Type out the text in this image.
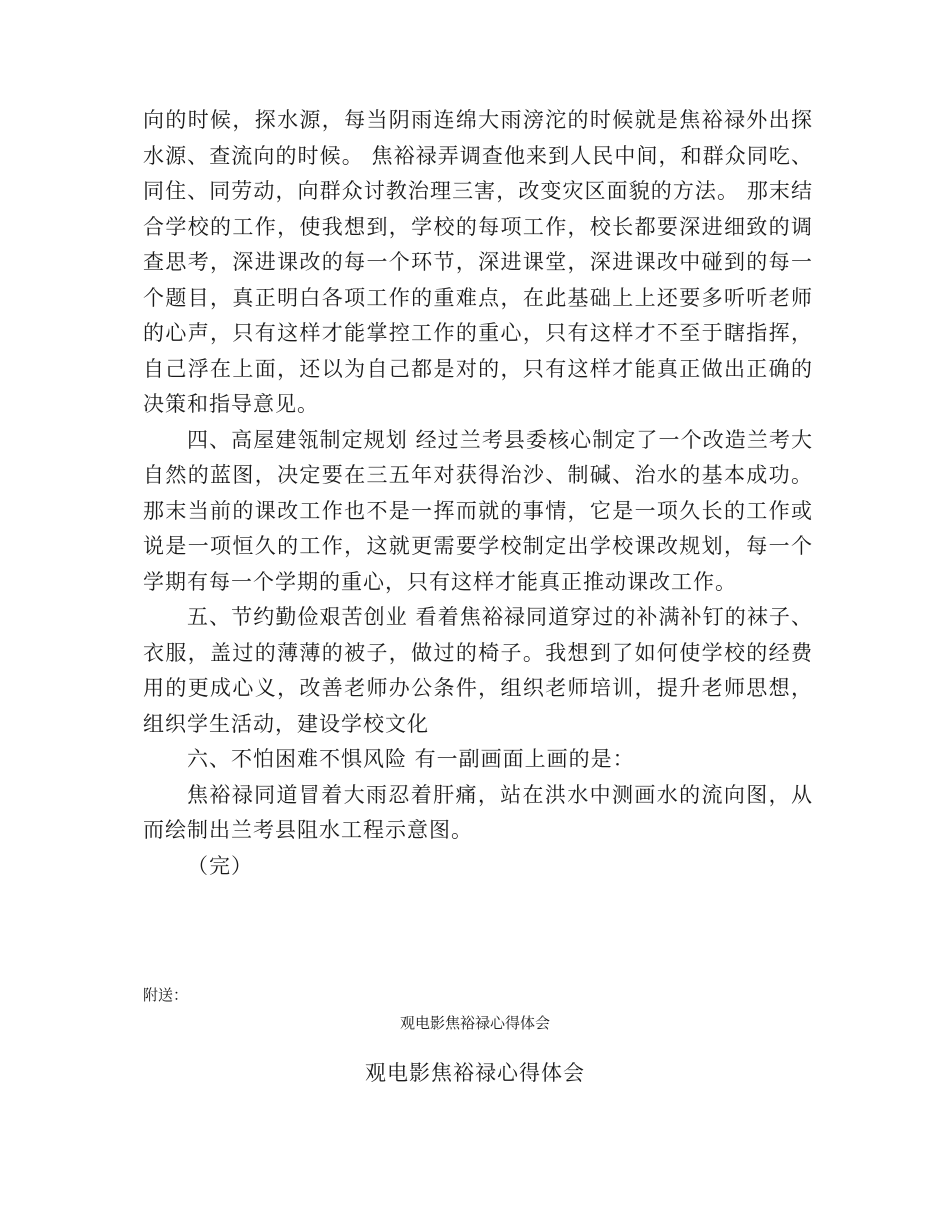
向的时候，探水源，每当阴雨连绵大雨滂沱的时候就是焦裕禄外出探水源、查流向的时候。 焦裕禄弄调查他来到人民中间，和群众同吃、同住、同劳动，向群众讨教治理三害，改变灾区面貌的方法。 那末结合学校的工作，使我想到，学校的每项工作，校长都要深进细致的调查思考，深进课改的每一个环节，深进课堂，深进课改中碰到的每一个题目，真正明白各项工作的重难点，在此基础上上还要多听听老师的心声，只有这样才能掌控工作的重心，只有这样才不至于瞎指挥，自己浮在上面，还以为自己都是对的，只有这样才能真正做出正确的决策和指导意见。

四、高屋建瓴制定规划 经过兰考县委核心制定了一个改造兰考大自然的蓝图，决定要在三五年对获得治沙、制碱、治水的基本成功。 那末当前的课改工作也不是一挥而就的事情，它是一项久长的工作或说是一项恒久的工作，这就更需要学校制定出学校课改规划，每一个学期有每一个学期的重心，只有这样才能真正推动课改工作。

五、节约勤俭艰苦创业 看着焦裕禄同道穿过的补满补钉的袜子、衣服，盖过的薄薄的被子，做过的椅子。我想到了如何使学校的经费用的更成心义，改善老师办公条件，组织老师培训，提升老师思想，组织学生活动，建设学校文化

六、不怕困难不惧风险 有一副画面上画的是：

焦裕禄同道冒着大雨忍着肝痛，站在洪水中测画水的流向图，从而绘制出兰考县阻水工程示意图。

（完）

附送：
观电影焦裕禄心得体会
观电影焦裕禄心得体会
